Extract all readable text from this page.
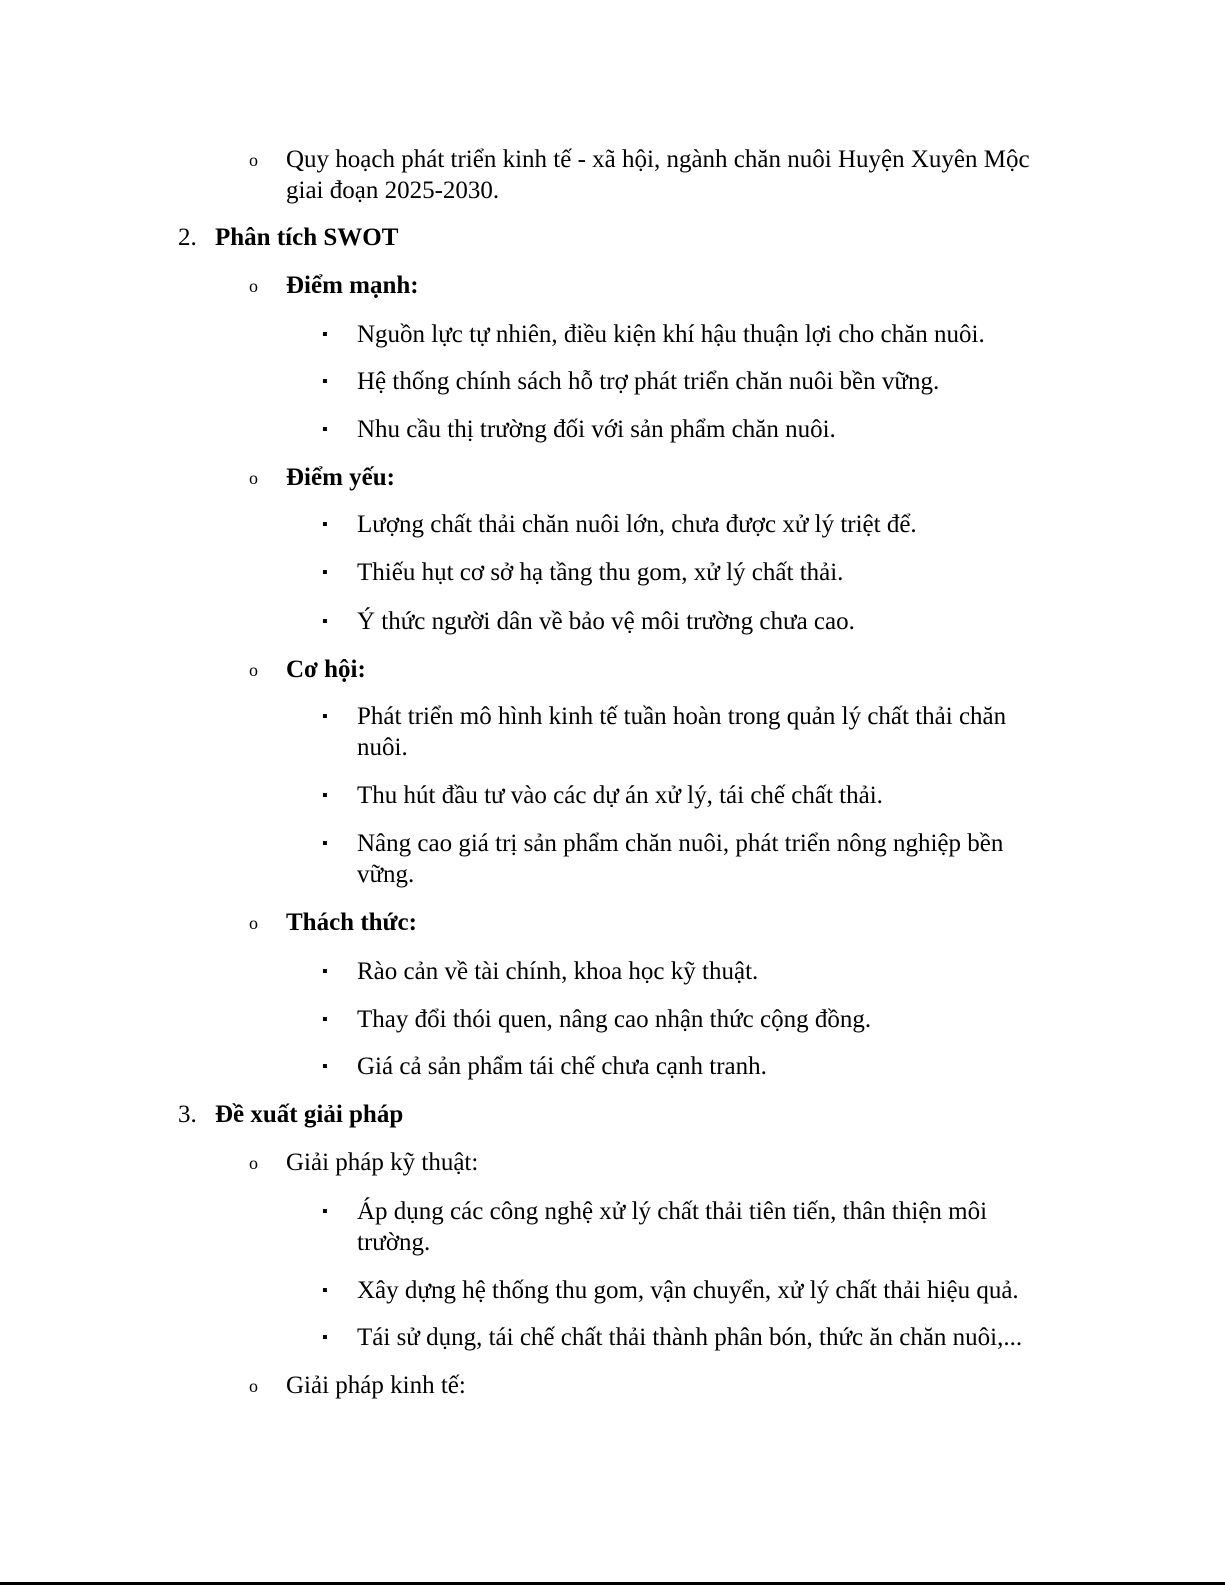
o Quy hoạch phát triển kinh tế - xã hội, ngành chăn nuôi Huyện Xuyên Mộc
giai đoạn 2025-2030.
2. Phân tích SWOT
o Điểm mạnh:
▪ Nguồn lực tự nhiên, điều kiện khí hậu thuận lợi cho chăn nuôi.
▪ Hệ thống chính sách hỗ trợ phát triển chăn nuôi bền vững.
▪ Nhu cầu thị trường đối với sản phẩm chăn nuôi.
o Điểm yếu:
▪ Lượng chất thải chăn nuôi lớn, chưa được xử lý triệt để.
▪ Thiếu hụt cơ sở hạ tầng thu gom, xử lý chất thải.
▪ Ý thức người dân về bảo vệ môi trường chưa cao.
o Cơ hội:
▪ Phát triển mô hình kinh tế tuần hoàn trong quản lý chất thải chăn
nuôi.
▪ Thu hút đầu tư vào các dự án xử lý, tái chế chất thải.
▪ Nâng cao giá trị sản phẩm chăn nuôi, phát triển nông nghiệp bền
vững.
o Thách thức:
▪ Rào cản về tài chính, khoa học kỹ thuật.
▪ Thay đổi thói quen, nâng cao nhận thức cộng đồng.
▪ Giá cả sản phẩm tái chế chưa cạnh tranh.
3. Đề xuất giải pháp
o Giải pháp kỹ thuật:
▪ Áp dụng các công nghệ xử lý chất thải tiên tiến, thân thiện môi
trường.
▪ Xây dựng hệ thống thu gom, vận chuyển, xử lý chất thải hiệu quả.
▪ Tái sử dụng, tái chế chất thải thành phân bón, thức ăn chăn nuôi,...
o Giải pháp kinh tế:
